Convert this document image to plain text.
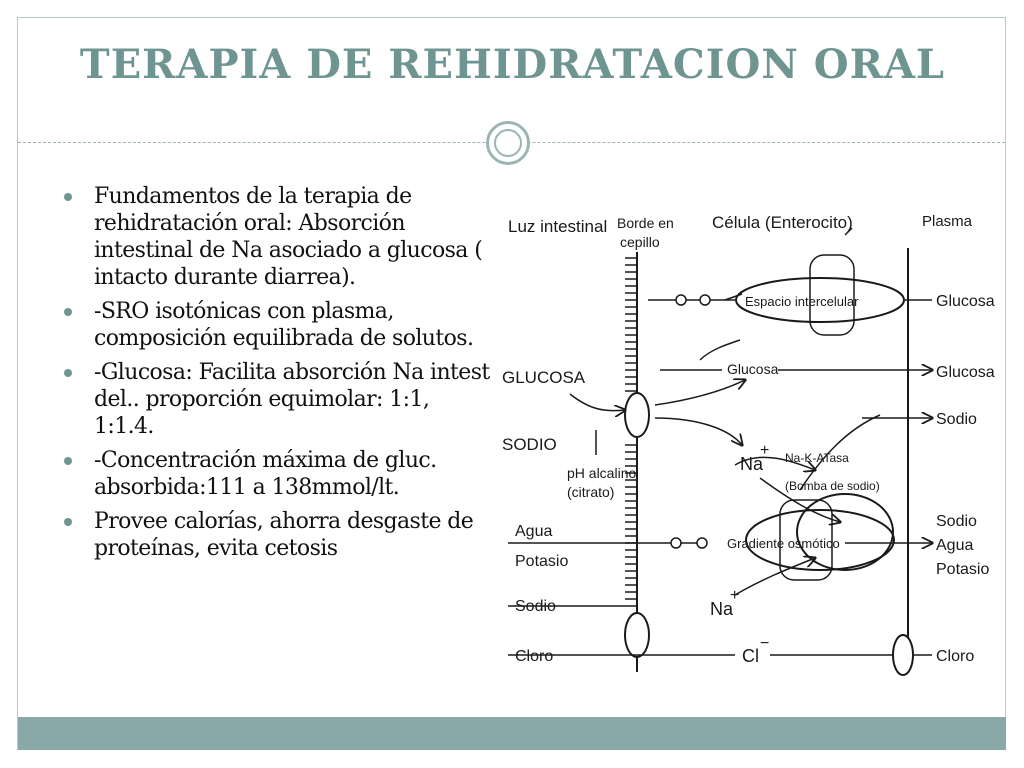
TERAPIA DE REHIDRATACION ORAL
Fundamentos de la terapia de rehidratación oral: Absorción intestinal de Na asociado a glucosa ( intacto durante diarrea).
-SRO isotónicas con plasma, composición equilibrada de solutos.
-Glucosa: Facilita absorción Na intest del.. proporción equimolar: 1:1, 1:1.4.
-Concentración máxima de gluc. absorbida:111 a 138mmol/lt.
Provee calorías, ahorra desgaste de proteínas, evita cetosis
Luz intestinal Borde en
cepillo
Célula (Enterocito)	Plasma
Espacio intercelular
Glucosa
GLUCOSA
SODIO
pH alcalino
(citrato)
Na
+ Na-K-ATasa
(Bomba de sodio)
Gradiente osmótico
Agua
Potasio
Sodio	Na
+
Cloro	Cl
−
Glucosa
Glucosa
Sodio
Sodio
Agua
Potasio
Cloro
